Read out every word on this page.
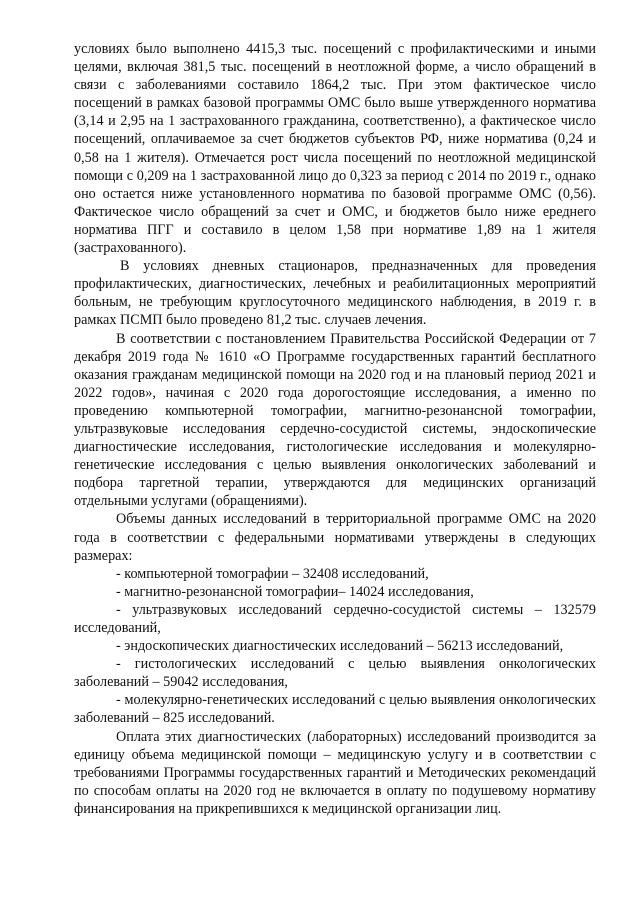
условиях было выполнено 4415,3 тыс. посещений с профилактическими и иными целями, включая 381,5 тыс. посещений в неотложной форме, а число обращений в связи с заболеваниями составило 1864,2 тыс. При этом фактическое число посещений в рамках базовой программы ОМС было выше утвержденного норматива (3,14 и 2,95 на 1 застрахованного гражданина, соответственно), а фактическое число посещений, оплачиваемое за счет бюджетов субъектов РФ, ниже норматива (0,24 и 0,58 на 1 жителя). Отмечается рост числа посещений по неотложной медицинской помощи с 0,209 на 1 застрахованной лицо до 0,323 за период с 2014 по 2019 г., однако оно остается ниже установленного норматива по базовой программе ОМС (0,56). Фактическое число обращений за счет и ОМС, и бюджетов было ниже ереднего норматива ПГГ и составило в целом 1,58 при нормативе 1,89 на 1 жителя (застрахованного).

В условиях дневных стационаров, предназначенных для проведения профилактических, диагностических, лечебных и реабилитационных мероприятий больным, не требующим круглосуточного медицинского наблюдения, в 2019 г. в рамках ПСМП было проведено 81,2 тыс. случаев лечения.

В соответствии с постановлением Правительства Российской Федерации от 7 декабря 2019 года № 1610 «О Программе государственных гарантий бесплатного оказания гражданам медицинской помощи на 2020 год и на плановый период 2021 и 2022 годов», начиная с 2020 года дорогостоящие исследования, а именно по проведению компьютерной томографии, магнитно-резонансной томографии, ультразвуковые исследования сердечно-сосудистой системы, эндоскопические диагностические исследования, гистологические исследования и молекулярно-генетические исследования с целью выявления онкологических заболеваний и подбора таргетной терапии, утверждаются для медицинских организаций отдельными услугами (обращениями).

Объемы данных исследований в территориальной программе ОМС на 2020 года в соответствии с федеральными нормативами утверждены в следующих размерах:

- компьютерной томографии – 32408 исследований,

- магнитно-резонансной томографии– 14024 исследования,

- ультразвуковых исследований сердечно-сосудистой системы – 132579 исследований,

- эндоскопических диагностических исследований – 56213 исследований,

- гистологических исследований с целью выявления онкологических заболеваний – 59042 исследования,

- молекулярно-генетических исследований с целью выявления онкологических заболеваний – 825 исследований.

Оплата этих диагностических (лабораторных) исследований производится за единицу объема медицинской помощи – медицинскую услугу и в соответствии с требованиями Программы государственных гарантий и Методических рекомендаций по способам оплаты на 2020 год не включается в оплату по подушевому нормативу финансирования на прикрепившихся к медицинской организации лиц.
